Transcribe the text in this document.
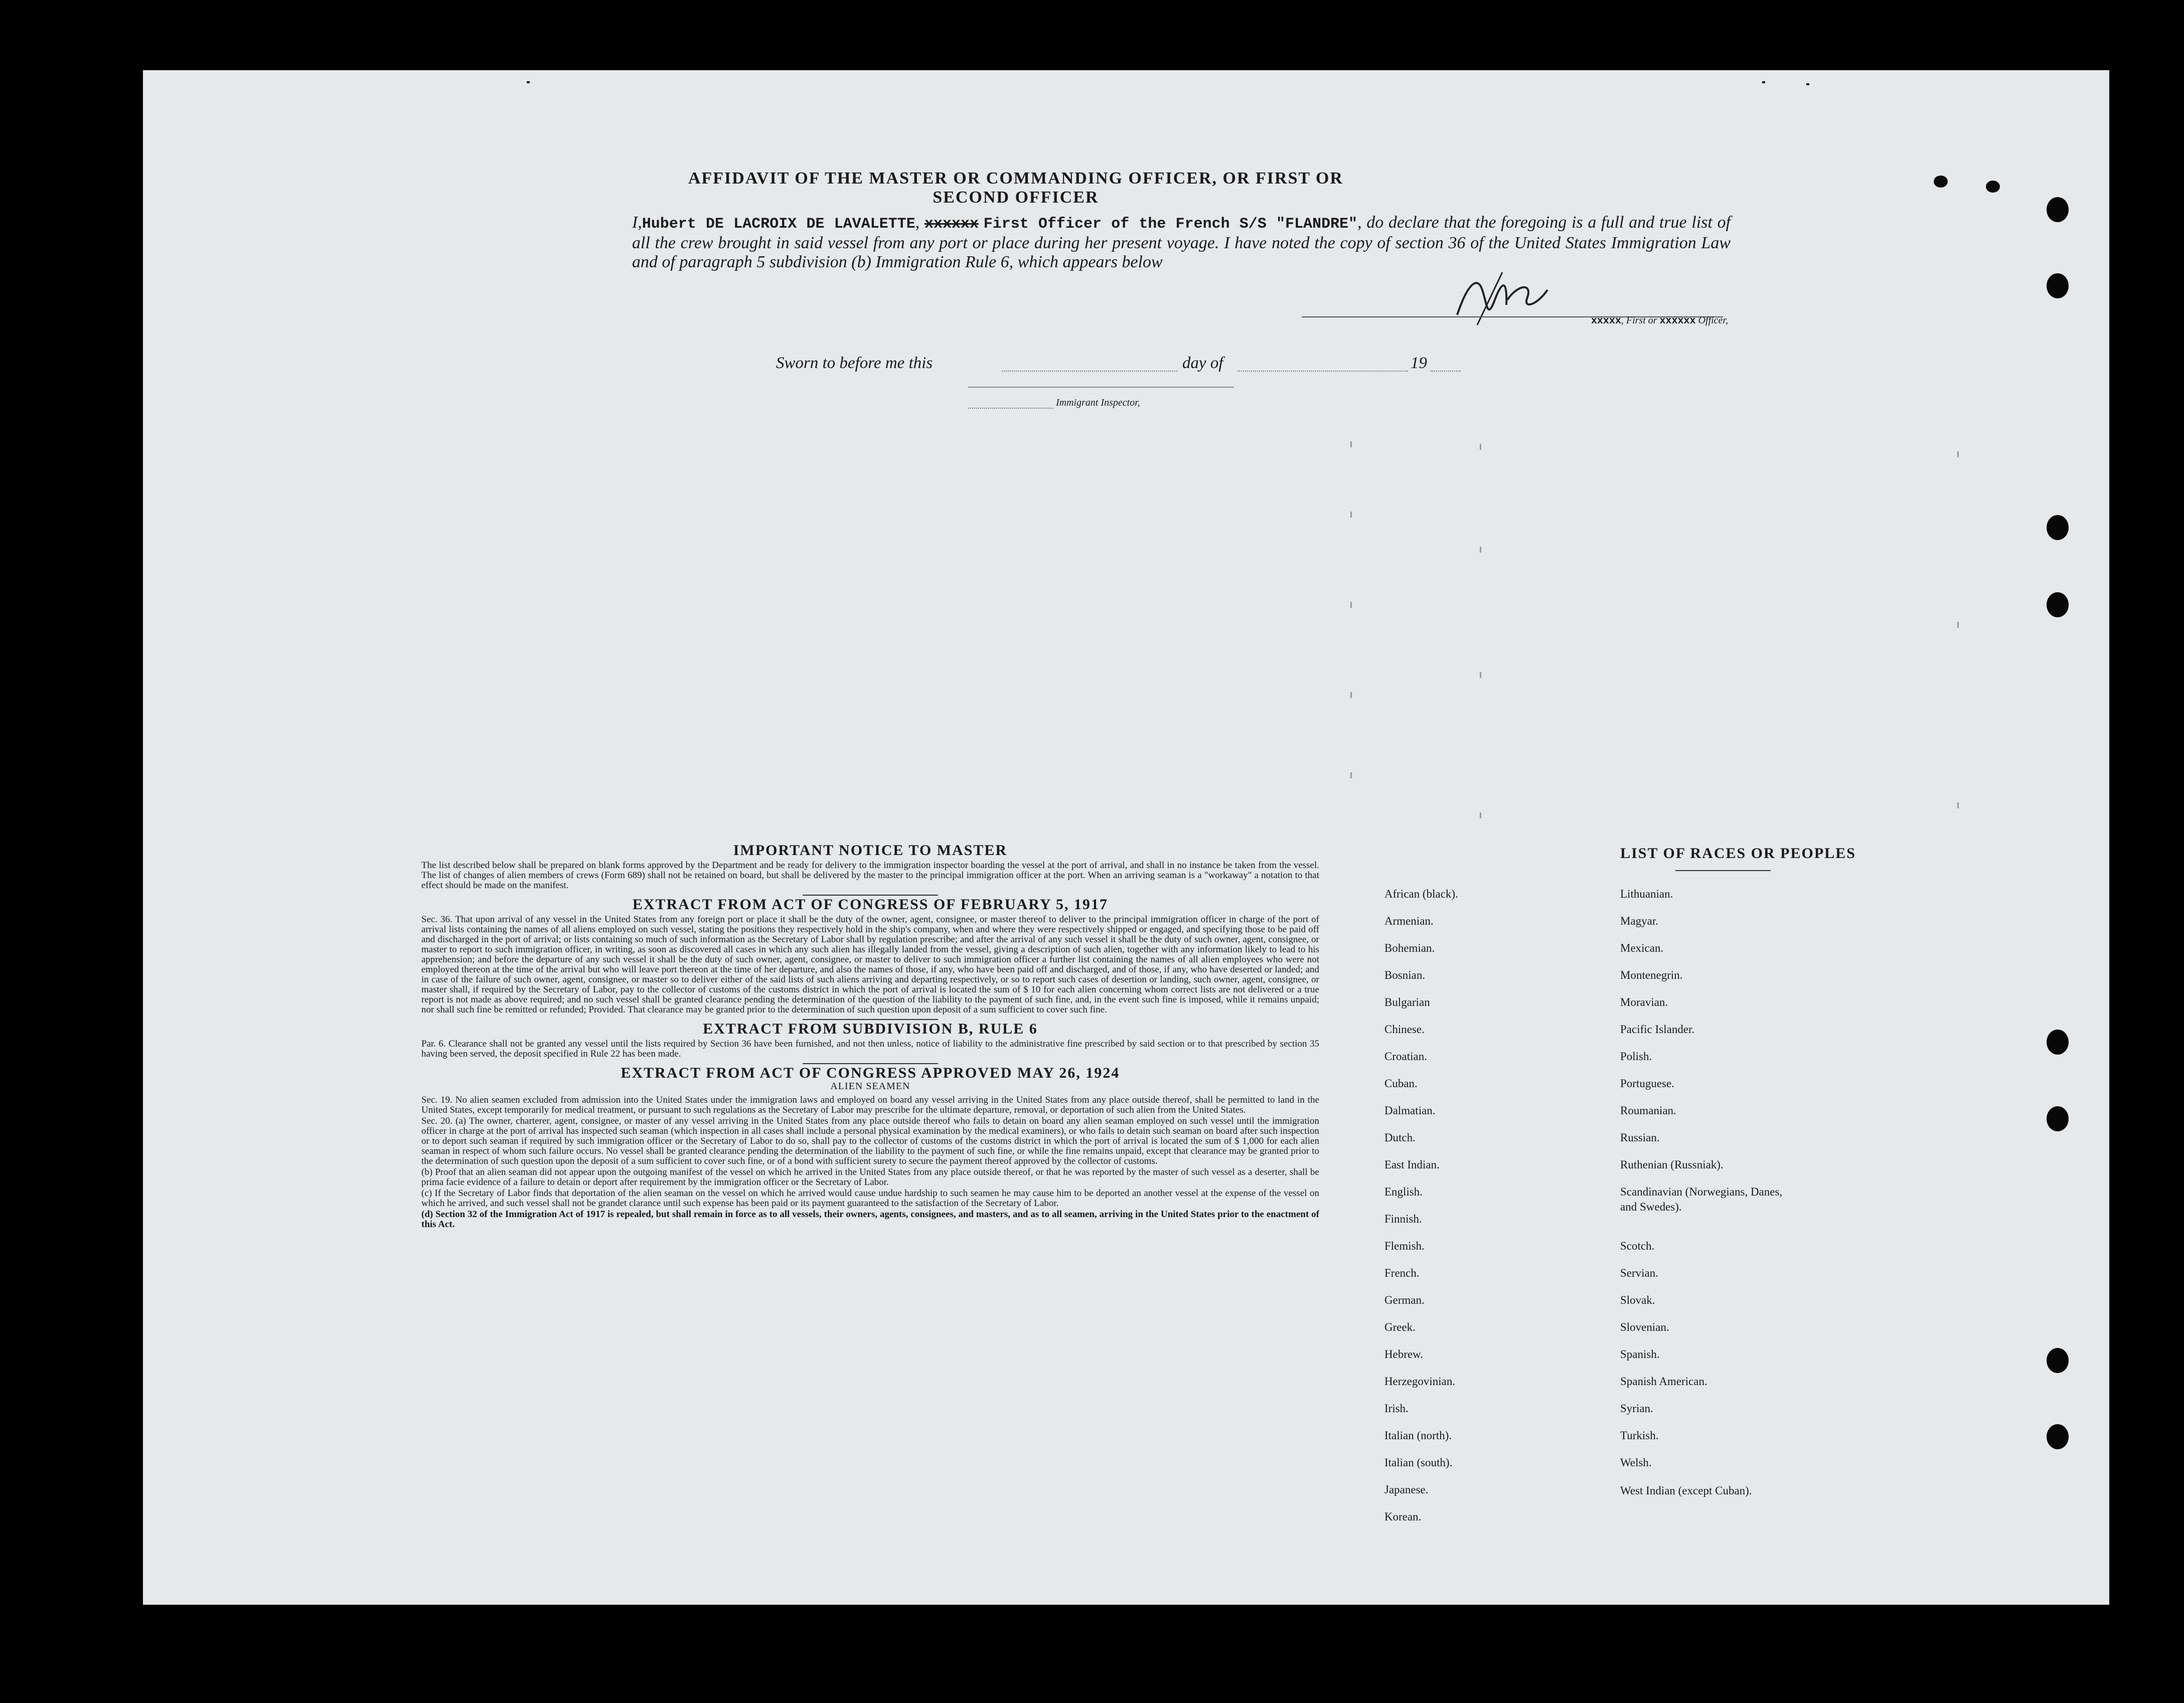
AFFIDAVIT OF THE MASTER OR COMMANDING OFFICER, OR FIRST OR SECOND OFFICER
I,Hubert DE LACROIX DE LAVALETTE, xxxxxx First Officer of the French S/S "FLANDRE", do declare that the foregoing is a full and true list of all the crew brought in said vessel from any port or place during her present voyage. I have noted the copy of section 36 of the United States Immigration Law and of paragraph 5 subdivision (b) Immigration Rule 6, which appears below
xxxxx, First or xxxxxx Officer,
Sworn to before me this	day of	19
Immigrant Inspector,
IMPORTANT NOTICE TO MASTER

The list described below shall be prepared on blank forms approved by the Department and be ready for delivery to the immigration inspector boarding the vessel at the port of arrival, and shall in no instance be taken from the vessel. The list of changes of alien members of crews (Form 689) shall not be retained on board, but shall be delivered by the master to the principal immigration officer at the port. When an arriving seaman is a "workaway" a notation to that effect should be made on the manifest.

EXTRACT FROM ACT OF CONGRESS OF FEBRUARY 5, 1917

Sec. 36. That upon arrival of any vessel in the United States from any foreign port or place it shall be the duty of the owner, agent, consignee, or master thereof to deliver to the principal immigration officer in charge of the port of arrival lists containing the names of all aliens employed on such vessel, stating the positions they respectively hold in the ship's company, when and where they were respectively shipped or engaged, and specifying those to be paid off and discharged in the port of arrival; or lists containing so much of such information as the Secretary of Labor shall by regulation prescribe; and after the arrival of any such vessel it shall be the duty of such owner, agent, consignee, or master to report to such immigration officer, in writing, as soon as discovered all cases in which any such alien has illegally landed from the vessel, giving a description of such alien, together with any information likely to lead to his apprehension; and before the departure of any such vessel it shall be the duty of such owner, agent, consignee, or master to deliver to such immigration officer a further list containing the names of all alien employees who were not employed thereon at the time of the arrival but who will leave port thereon at the time of her departure, and also the names of those, if any, who have been paid off and discharged, and of those, if any, who have deserted or landed; and in case of the failure of such owner, agent, consignee, or master so to deliver either of the said lists of such aliens arriving and departing respectively, or so to report such cases of desertion or landing, such owner, agent, consignee, or master shall, if required by the Secretary of Labor, pay to the collector of customs of the customs district in which the port of arrival is located the sum of $ 10 for each alien concerning whom correct lists are not delivered or a true report is not made as above required; and no such vessel shall be granted clearance pending the determination of the question of the liability to the payment of such fine, and, in the event such fine is imposed, while it remains unpaid; nor shall such fine be remitted or refunded; Provided. That clearance may be granted prior to the determination of such question upon deposit of a sum sufficient to cover such fine.

EXTRACT FROM SUBDIVISION B, RULE 6

Par. 6. Clearance shall not be granted any vessel until the lists required by Section 36 have been furnished, and not then unless, notice of liability to the administrative fine prescribed by said section or to that prescribed by section 35 having been served, the deposit specified in Rule 22 has been made.

EXTRACT FROM ACT OF CONGRESS APPROVED MAY 26, 1924
ALIEN SEAMEN

Sec. 19. No alien seamen excluded from admission into the United States under the immigration laws and employed on board any vessel arriving in the United States from any place outside thereof, shall be permitted to land in the United States, except temporarily for medical treatment, or pursuant to such regulations as the Secretary of Labor may prescribe for the ultimate departure, removal, or deportation of such alien from the United States.

Sec. 20. (a) The owner, charterer, agent, consignee, or master of any vessel arriving in the United States from any place outside thereof who fails to detain on board any alien seaman employed on such vessel until the immigration officer in charge at the port of arrival has inspected such seaman (which inspection in all cases shall include a personal physical examination by the medical examiners), or who fails to detain such seaman on board after such inspection or to deport such seaman if required by such immigration officer or the Secretary of Labor to do so, shall pay to the collector of customs of the customs district in which the port of arrival is located the sum of $ 1,000 for each alien seaman in respect of whom such failure occurs. No vessel shall be granted clearance pending the determination of the liability to the payment of such fine, or while the fine remains unpaid, except that clearance may be granted prior to the determination of such question upon the deposit of a sum sufficient to cover such fine, or of a bond with sufficient surety to secure the payment thereof approved by the collector of customs.

(b) Proof that an alien seaman did not appear upon the outgoing manifest of the vessel on which he arrived in the United States from any place outside thereof, or that he was reported by the master of such vessel as a deserter, shall be prima facie evidence of a failure to detain or deport after requirement by the immigration officer or the Secretary of Labor.

(c) If the Secretary of Labor finds that deportation of the alien seaman on the vessel on which he arrived would cause undue hardship to such seamen he may cause him to be deported an another vessel at the expense of the vessel on which he arrived, and such vessel shall not be grandet clarance until such expense has been paid or its payment guaranteed to the satisfaction of the Secretary of Labor.

(d) Section 32 of the Immigration Act of 1917 is repealed, but shall remain in force as to all vessels, their owners, agents, consignees, and masters, and as to all seamen, arriving in the United States prior to the enactment of this Act.

LIST OF RACES OR PEOPLES
African (black).
Armenian.
Bohemian.
Bosnian.
Bulgarian
Chinese.
Croatian.
Cuban.
Dalmatian.
Dutch.
East Indian.
English.
Finnish.
Flemish.
French.
German.
Greek.
Hebrew.
Herzegovinian.
Irish.
Italian (north).
Italian (south).
Japanese.
Korean.
Lithuanian.
Magyar.
Mexican.
Montenegrin.
Moravian.
Pacific Islander.
Polish.
Portuguese.
Roumanian.
Russian.
Ruthenian (Russniak).
Scandinavian (Norwegians, Danes, and Swedes).
Scotch.
Servian.
Slovak.
Slovenian.
Spanish.
Spanish American.
Syrian.
Turkish.
Welsh.
West Indian (except Cuban).
